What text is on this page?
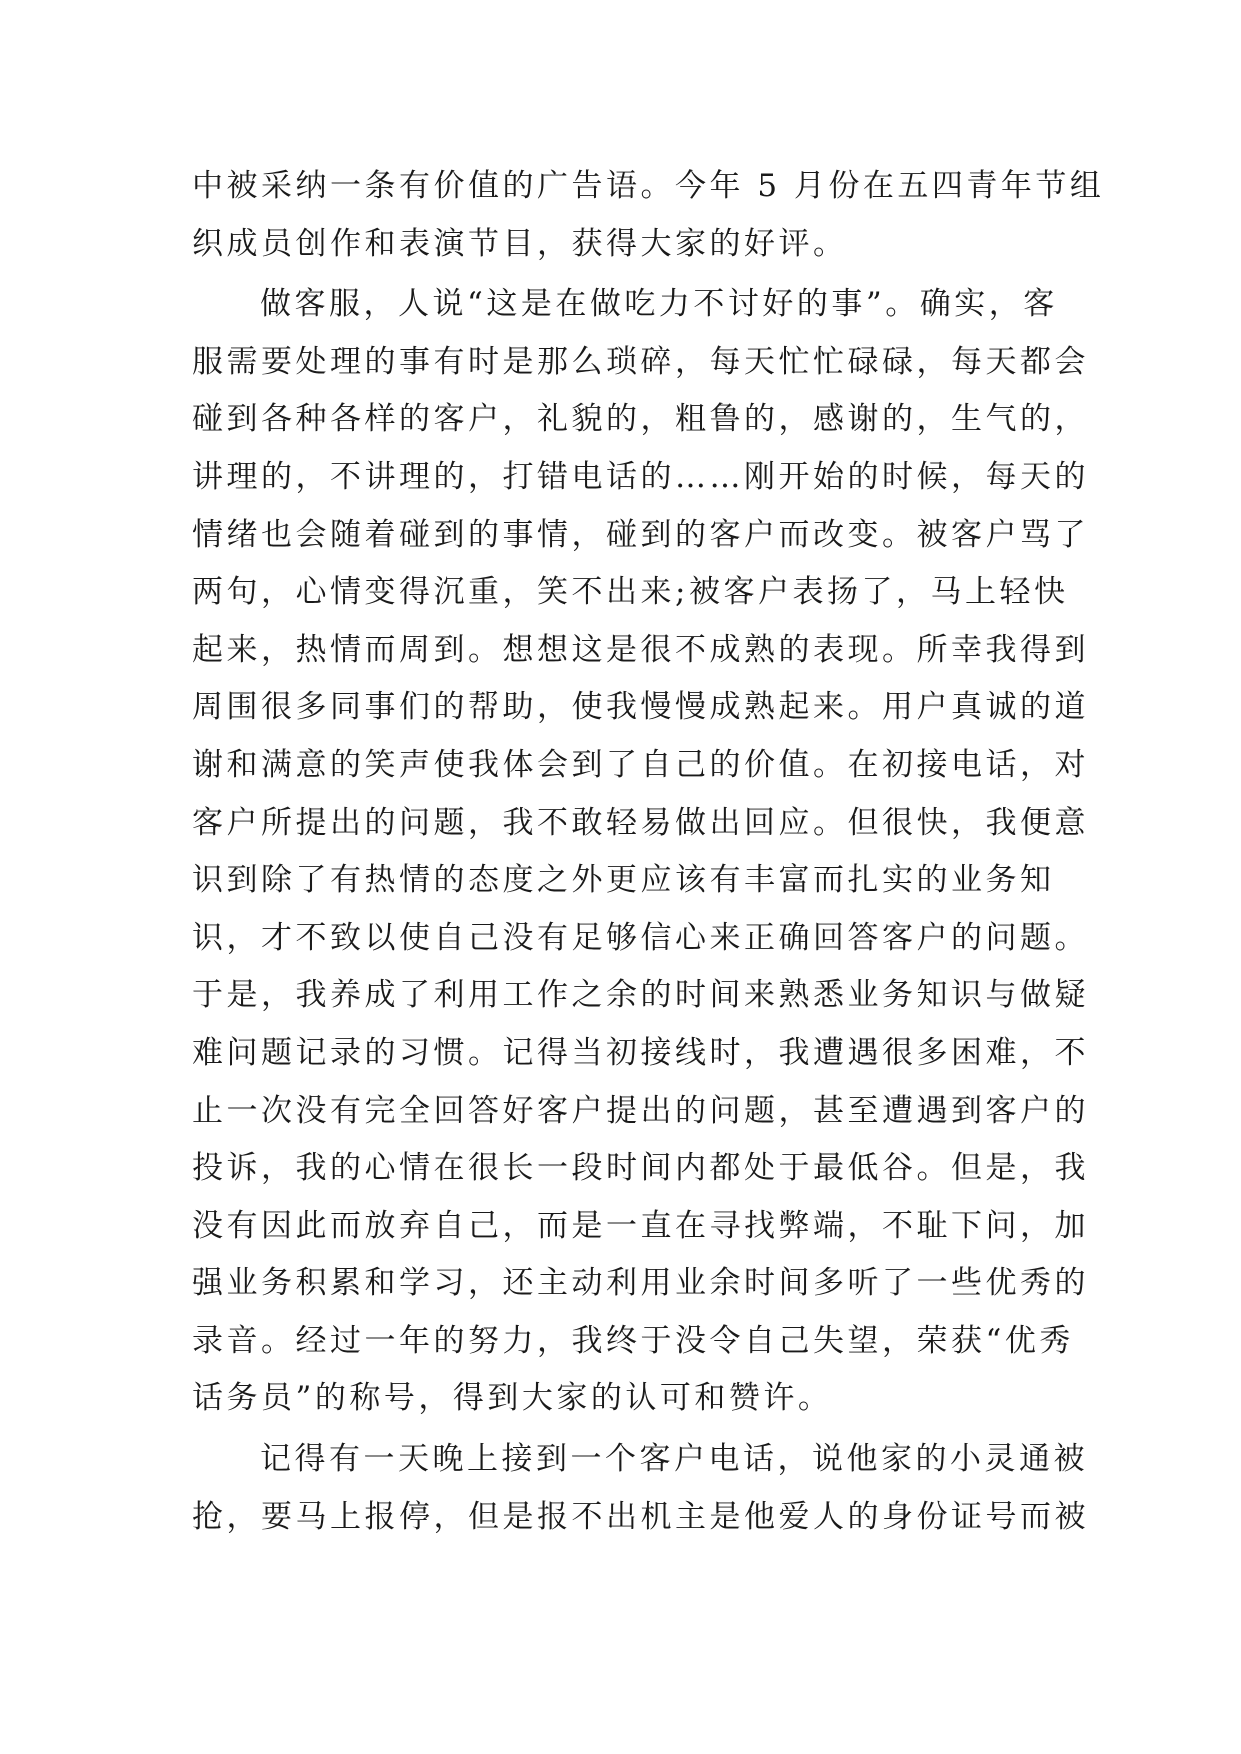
中被采纳一条有价值的广告语。今年 5 月份在五四青年节组
织成员创作和表演节目，获得大家的好评。
做客服，人说“这是在做吃力不讨好的事”。确实，客
服需要处理的事有时是那么琐碎，每天忙忙碌碌，每天都会
碰到各种各样的客户，礼貌的，粗鲁的，感谢的，生气的，
讲理的，不讲理的，打错电话的……刚开始的时候，每天的
情绪也会随着碰到的事情，碰到的客户而改变。被客户骂了
两句，心情变得沉重，笑不出来;被客户表扬了，马上轻快
起来，热情而周到。想想这是很不成熟的表现。所幸我得到
周围很多同事们的帮助，使我慢慢成熟起来。用户真诚的道
谢和满意的笑声使我体会到了自己的价值。在初接电话，对
客户所提出的问题，我不敢轻易做出回应。但很快，我便意
识到除了有热情的态度之外更应该有丰富而扎实的业务知
识，才不致以使自己没有足够信心来正确回答客户的问题。
于是，我养成了利用工作之余的时间来熟悉业务知识与做疑
难问题记录的习惯。记得当初接线时，我遭遇很多困难，不
止一次没有完全回答好客户提出的问题，甚至遭遇到客户的
投诉，我的心情在很长一段时间内都处于最低谷。但是，我
没有因此而放弃自己，而是一直在寻找弊端，不耻下问，加
强业务积累和学习，还主动利用业余时间多听了一些优秀的
录音。经过一年的努力，我终于没令自己失望，荣获“优秀
话务员”的称号，得到大家的认可和赞许。
记得有一天晚上接到一个客户电话，说他家的小灵通被
抢，要马上报停，但是报不出机主是他爱人的身份证号而被
